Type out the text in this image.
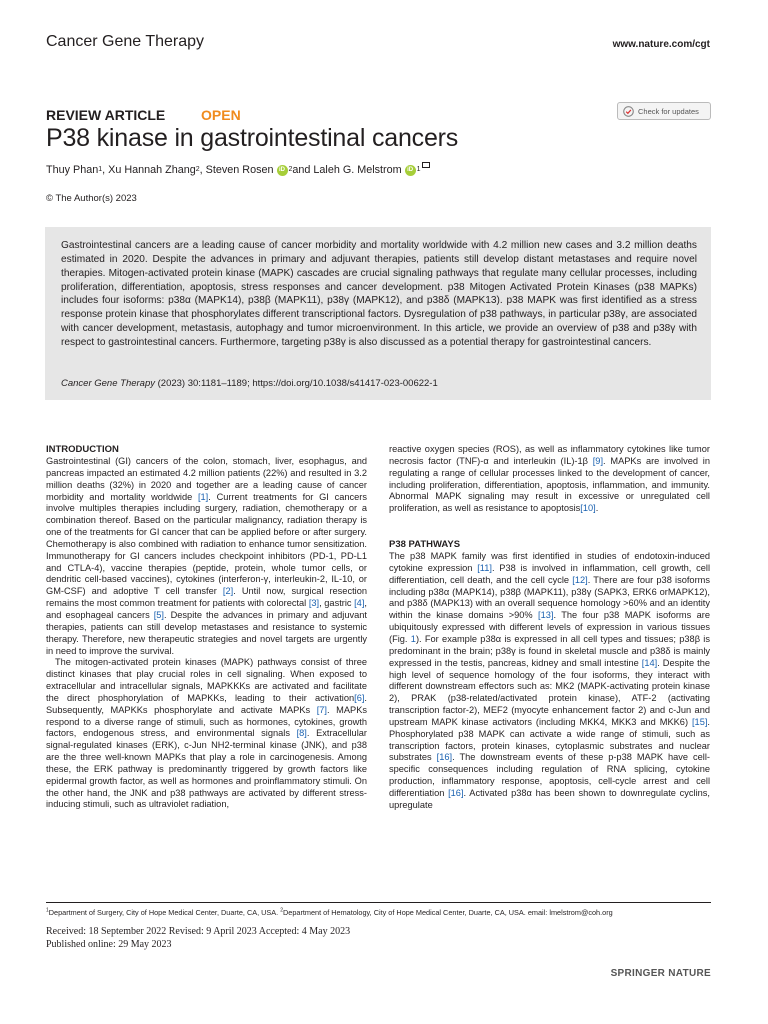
Cancer Gene Therapy	www.nature.com/cgt
REVIEW ARTICLE	OPEN	Check for updates
P38 kinase in gastrointestinal cancers
Thuy Phan 1 , Xu Hannah Zhang 2 , Steven Rosen iD 2 and Laleh G. Melstrom iD 1
© The Author(s) 2023
Gastrointestinal cancers are a leading cause of cancer morbidity and mortality worldwide with 4.2 million new cases and 3.2 million deaths estimated in 2020. Despite the advances in primary and adjuvant therapies, patients still develop distant metastases and require novel therapies. Mitogen-activated protein kinase (MAPK) cascades are crucial signaling pathways that regulate many cellular processes, including proliferation, differentiation, apoptosis, stress responses and cancer development. p38 Mitogen Activated Protein Kinases (p38 MAPKs) includes four isoforms: p38α (MAPK14), p38β (MAPK11), p38γ (MAPK12), and p38δ (MAPK13). p38 MAPK was first identified as a stress response protein kinase that phosphorylates different transcriptional factors. Dysregulation of p38 pathways, in particular p38γ, are associated with cancer development, metastasis, autophagy and tumor microenvironment. In this article, we provide an overview of p38 and p38γ with respect to gastrointestinal cancers. Furthermore, targeting p38γ is also discussed as a potential therapy for gastrointestinal cancers.
Cancer Gene Therapy (2023) 30:1181–1189; https://doi.org/10.1038/s41417-023-00622-1
INTRODUCTION

Gastrointestinal (GI) cancers of the colon, stomach, liver, esophagus, and pancreas impacted an estimated 4.2 million patients (22%) and resulted in 3.2 million deaths (32%) in 2020 and together are a leading cause of cancer morbidity and mortality worldwide [1]. Current treatments for GI cancers involve multiples therapies including surgery, radiation, chemotherapy or a combination thereof. Based on the particular malignancy, radiation therapy is one of the treatments for GI cancer that can be applied before or after surgery. Chemotherapy is also combined with radiation to enhance tumor sensitization. Immunotherapy for GI cancers includes checkpoint inhibitors (PD-1, PD-L1 and CTLA-4), vaccine therapies (peptide, protein, whole tumor cells, or dendritic cell-based vaccines), cytokines (interferon-γ, interleukin-2, IL-10, or GM-CSF) and adoptive T cell transfer [2]. Until now, surgical resection remains the most common treatment for patients with colorectal [3], gastric [4], and esophageal cancers [5]. Despite the advances in primary and adjuvant therapies, patients can still develop metastases and resistance to systemic therapy. Therefore, new therapeutic strategies and novel targets are urgently in need to improve the survival.

The mitogen-activated protein kinases (MAPK) pathways consist of three distinct kinases that play crucial roles in cell signaling. When exposed to extracellular and intracellular signals, MAPKKKs are activated and facilitate the direct phosphorylation of MAPKKs, leading to their activation[6]. Subsequently, MAPKKs phosphorylate and activate MAPKs [7]. MAPKs respond to a diverse range of stimuli, such as hormones, cytokines, growth factors, endogenous stress, and environmental signals [8]. Extracellular signal-regulated kinases (ERK), c-Jun NH2-terminal kinase (JNK), and p38 are the three well-known MAPKs that play a role in carcinogenesis. Among these, the ERK pathway is predominantly triggered by growth factors like epidermal growth factor, as well as hormones and proinflammatory stimuli. On the other hand, the JNK and p38 pathways are activated by different stress-inducing stimuli, such as ultraviolet radiation,

reactive oxygen species (ROS), as well as inflammatory cytokines like tumor necrosis factor (TNF)-α and interleukin (IL)-1β [9]. MAPKs are involved in regulating a range of cellular processes linked to the development of cancer, including proliferation, differentiation, apoptosis, inflammation, and immunity. Abnormal MAPK signaling may result in excessive or unregulated cell proliferation, as well as resistance to apoptosis[10].

P38 PATHWAYS

The p38 MAPK family was first identified in studies of endotoxin-induced cytokine expression [11]. P38 is involved in inflammation, cell growth, cell differentiation, cell death, and the cell cycle [12]. There are four p38 isoforms including p38α (MAPK14), p38β (MAPK11), p38γ (SAPK3, ERK6 orMAPK12), and p38δ (MAPK13) with an overall sequence homology >60% and an identity within the kinase domains >90% [13]. The four p38 MAPK isoforms are ubiquitously expressed with different levels of expression in various tissues (Fig. 1). For example p38α is expressed in all cell types and tissues; p38β is predominant in the brain; p38γ is found in skeletal muscle and p38δ is mainly expressed in the testis, pancreas, kidney and small intestine [14]. Despite the high level of sequence homology of the four isoforms, they interact with different downstream effectors such as: MK2 (MAPK-activating protein kinase 2), PRAK (p38-related/activated protein kinase), ATF-2 (activating transcription factor-2), MEF2 (myocyte enhancement factor 2) and c-Jun and upstream MAPK kinase activators (including MKK4, MKK3 and MKK6) [15]. Phosphorylated p38 MAPK can activate a wide range of stimuli, such as transcription factors, protein kinases, cytoplasmic substrates and nuclear substrates [16]. The downstream events of these p-p38 MAPK have cell-specific consequences including regulation of RNA splicing, cytokine production, inflammatory response, apoptosis, cell-cycle arrest and cell differentiation [16]. Activated p38α has been shown to downregulate cyclins, upregulate

$^1$Department of Surgery, City of Hope Medical Center, Duarte, CA, USA. $^2$Department of Hematology, City of Hope Medical Center, Duarte, CA, USA. email: lmelstrom@coh.org
Received: 18 September 2022 Revised: 9 April 2023 Accepted: 4 May 2023
Published online: 29 May 2023
SPRINGER NATURE
